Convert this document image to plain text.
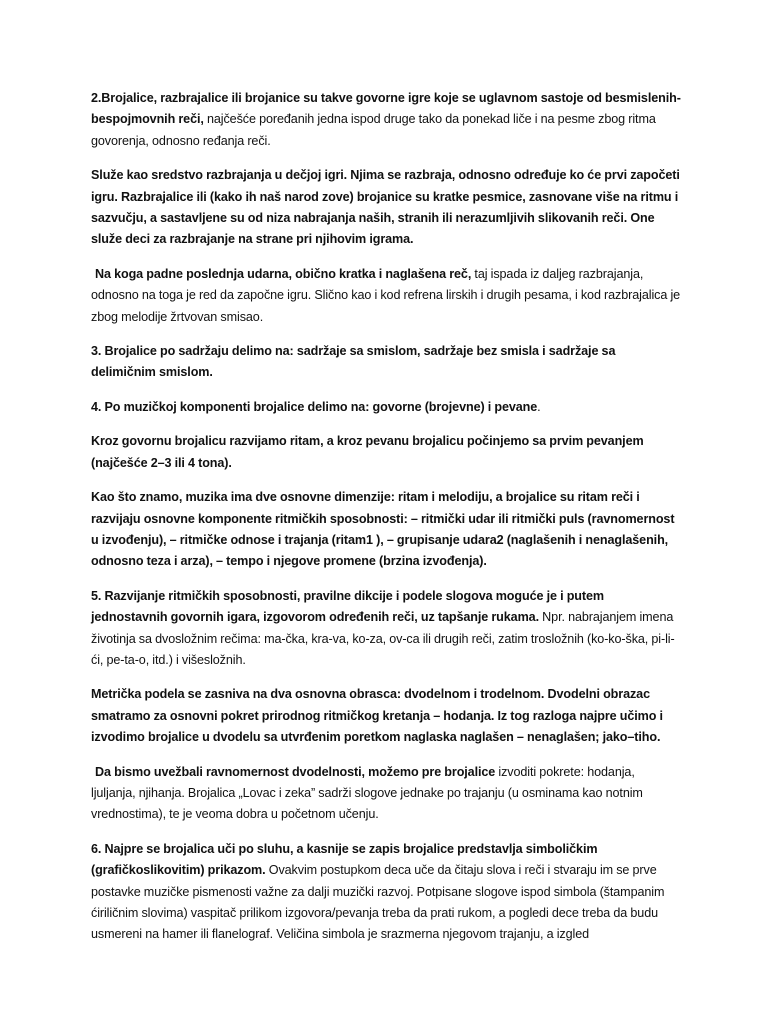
2.Brojalice, razbrajalice ili brojanice su takve govorne igre koje se uglavnom sastoje od besmislenih-bespojmovnih reči, najčešće poređanih jedna ispod druge tako da ponekad liče i na pesme zbog ritma govorenja, odnosno ređanja reči.

Služe kao sredstvo razbrajanja u dečjoj igri. Njima se razbraja, odnosno određuje ko će prvi započeti igru. Razbrajalice ili (kako ih naš narod zove) brojanice su kratke pesmice, zasnovane više na ritmu i sazvučju, a sastavljene su od niza nabrajanja naših, stranih ili nerazumljivih slikovanih reči. One služe deci za razbrajanje na strane pri njihovim igrama.

Na koga padne poslednja udarna, obično kratka i naglašena reč, taj ispada iz daljeg razbrajanja, odnosno na toga je red da započne igru. Slično kao i kod refrena lirskih i drugih pesama, i kod razbrajalica je zbog melodije žrtvovan smisao.

3. Brojalice po sadržaju delimo na: sadržaje sa smislom, sadržaje bez smisla i sadržaje sa delimičnim smislom.

4. Po muzičkoj komponenti brojalice delimo na: govorne (brojevne) i pevane.

Kroz govornu brojalicu razvijamo ritam, a kroz pevanu brojalicu počinjemo sa prvim pevanjem (najčešće 2–3 ili 4 tona).

Kao što znamo, muzika ima dve osnovne dimenzije: ritam i melodiju, a brojalice su ritam reči i razvijaju osnovne komponente ritmičkih sposobnosti: – ritmički udar ili ritmički puls (ravnomernost u izvođenju), – ritmičke odnose i trajanja (ritam1 ), – grupisanje udara2 (naglašenih i nenaglašenih, odnosno teza i arza), – tempo i njegove promene (brzina izvođenja).

5. Razvijanje ritmičkih sposobnosti, pravilne dikcije i podele slogova moguće je i putem jednostavnih govornih igara, izgovorom određenih reči, uz tapšanje rukama. Npr. nabrajanjem imena životinja sa dvosložnim rečima: ma-čka, kra-va, ko-za, ov-ca ili drugih reči, zatim trosložnih (ko-ko-ška, pi-li-ći, pe-ta-o, itd.) i višesložnih.

Metrička podela se zasniva na dva osnovna obrasca: dvodelnom i trodelnom. Dvodelni obrazac smatramo za osnovni pokret prirodnog ritmičkog kretanja – hodanja. Iz tog razloga najpre učimo i izvodimo brojalice u dvodelu sa utvrđenim poretkom naglaska naglašen – nenaglašen; jako–tiho.

Da bismo uvežbali ravnomernost dvodelnosti, možemo pre brojalice izvoditi pokrete: hodanja, ljuljanja, njihanja. Brojalica „Lovac i zeka” sadrži slogove jednake po trajanju (u osminama kao notnim vrednostima), te je veoma dobra u početnom učenju.

6. Najpre se brojalica uči po sluhu, a kasnije se zapis brojalice predstavlja simboličkim (grafičkoslikovitim) prikazom. Ovakvim postupkom deca uče da čitaju slova i reči i stvaraju im se prve postavke muzičke pismenosti važne za dalji muzički razvoj. Potpisane slogove ispod simbola (štampanim ćiriličnim slovima) vaspitač prilikom izgovora/pevanja treba da prati rukom, a pogledi dece treba da budu usmereni na hamer ili flanelograf. Veličina simbola je srazmerna njegovom trajanju, a izgled
